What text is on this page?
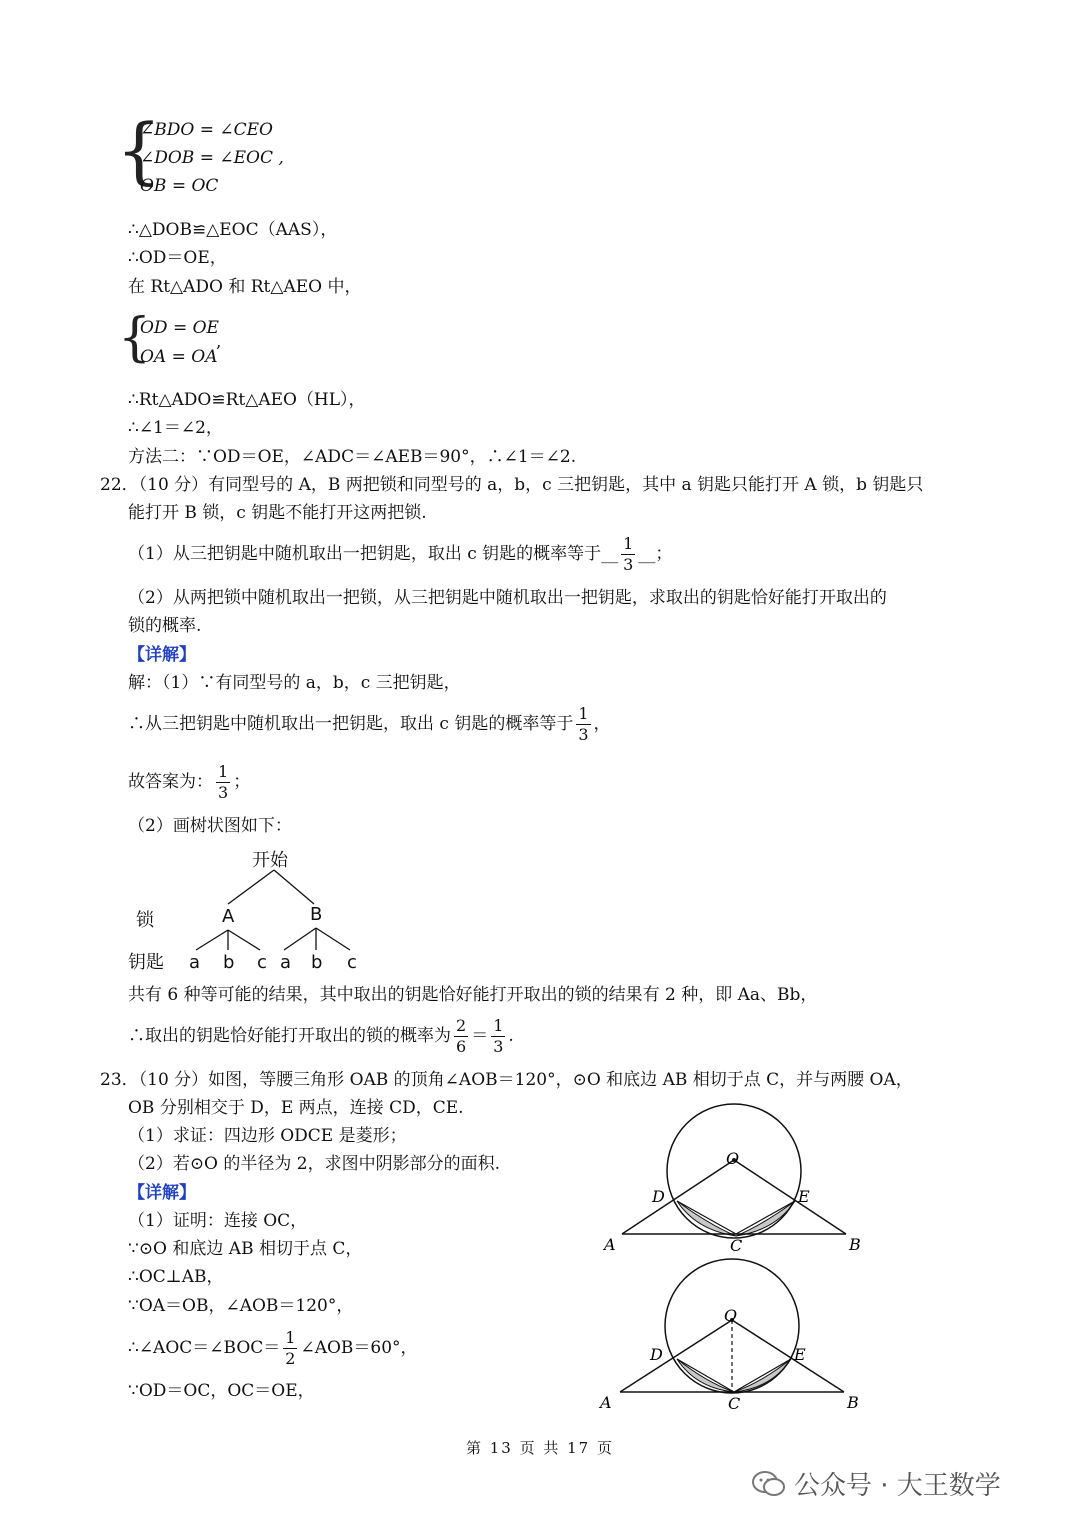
{
∠BDO = ∠CEO
∠DOB = ∠EOC ,
OB = OC
∴△DOB≌△EOC（AAS），
∴OD＝OE，
在 Rt△ADO 和 Rt△AEO 中，
{
OD = OE
OA = OA
,
∴Rt△ADO≌Rt△AEO（HL），
∴∠1＝∠2，
方法二：∵OD＝OE，∠ADC＝∠AEB＝90°，∴∠1＝∠2.
22．（10 分）有同型号的 A，B 两把锁和同型号的 a，b，c 三把钥匙，其中 a 钥匙只能打开 A 锁，b 钥匙只
能打开 B 锁，c 钥匙不能打开这两把锁.
（1）从三把钥匙中随机取出一把钥匙，取出 c 钥匙的概率等于__ $\frac{1}{3}$ __；
（2）从两把锁中随机取出一把锁，从三把钥匙中随机取出一把钥匙，求取出的钥匙恰好能打开取出的
锁的概率.
【详解】
解：（1）∵有同型号的 a，b，c 三把钥匙，
∴从三把钥匙中随机取出一把钥匙，取出 c 钥匙的概率等于 $\frac{1}{3}$ ，
故答案为： $\frac{1}{3}$ ；
（2）画树状图如下：
开始
锁
钥匙
A	B
a b c a b c
共有 6 种等可能的结果，其中取出的钥匙恰好能打开取出的锁的结果有 2 种，即 Aa、Bb，
∴取出的钥匙恰好能打开取出的锁的概率为 $\frac{2}{6} = \frac{1}{3}$ .
23．（10 分）如图，等腰三角形 OAB 的顶角∠AOB＝120°，⊙O 和底边 AB 相切于点 C，并与两腰 OA，
OB 分别相交于 D，E 两点，连接 CD，CE.
（1）求证：四边形 ODCE 是菱形；
（2）若⊙O 的半径为 2，求图中阴影部分的面积.
【详解】
（1）证明：连接 OC，
∵⊙O 和底边 AB 相切于点 C，
∴OC⊥AB，
∵OA＝OB，∠AOB＝120°，
∴∠AOC＝∠BOC＝ $\frac{1}{2}$ ∠AOB＝60°，
∵OD＝OC，OC＝OE，
O
D	E
A	C	B
O
D	E
A	C	B
第 13 页 共 17 页
公众号 · 大王数学
